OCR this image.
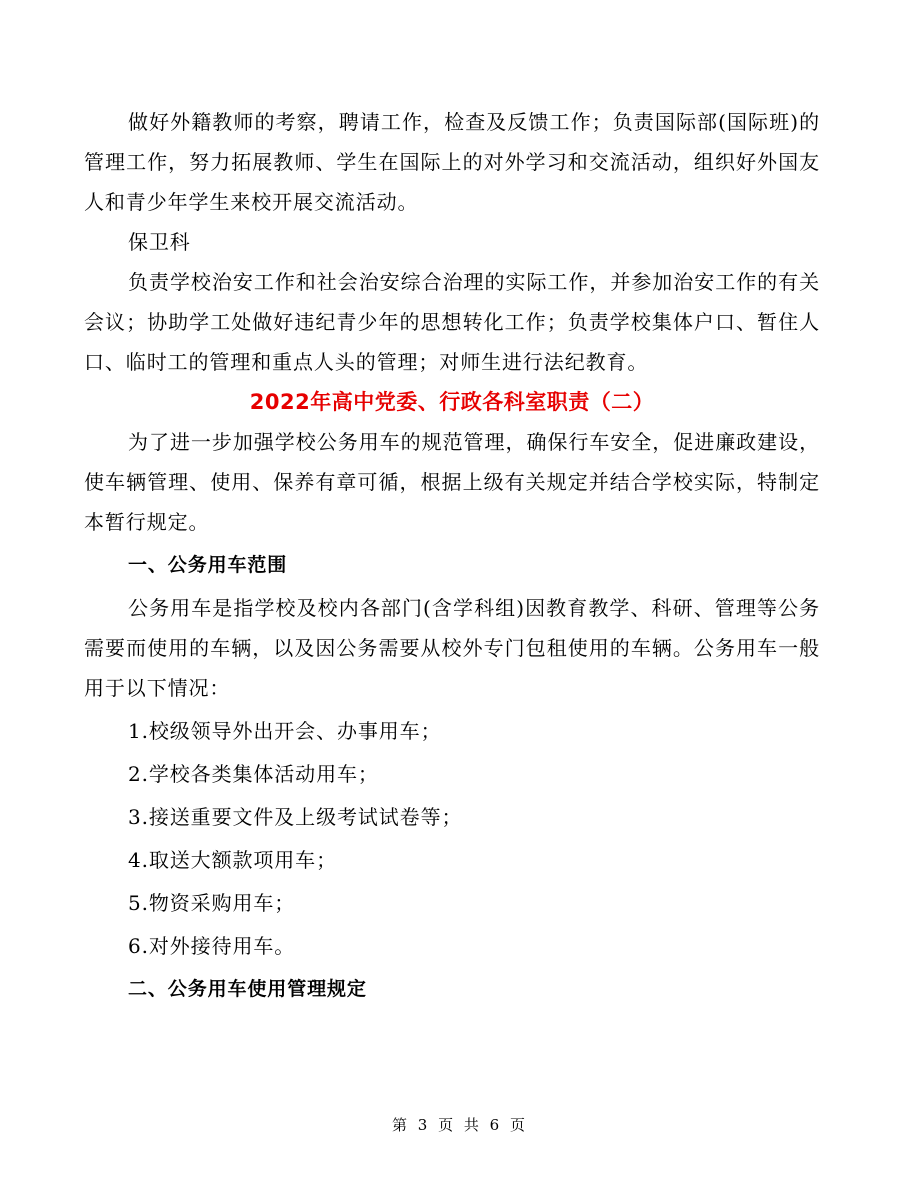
做好外籍教师的考察，聘请工作，检查及反馈工作；负责国际部(国际班)的管理工作，努力拓展教师、学生在国际上的对外学习和交流活动，组织好外国友人和青少年学生来校开展交流活动。

保卫科

负责学校治安工作和社会治安综合治理的实际工作，并参加治安工作的有关会议；协助学工处做好违纪青少年的思想转化工作；负责学校集体户口、暂住人口、临时工的管理和重点人头的管理；对师生进行法纪教育。

2022年高中党委、行政各科室职责（二）

为了进一步加强学校公务用车的规范管理，确保行车安全，促进廉政建设，使车辆管理、使用、保养有章可循，根据上级有关规定并结合学校实际，特制定本暂行规定。

一、公务用车范围

公务用车是指学校及校内各部门(含学科组)因教育教学、科研、管理等公务需要而使用的车辆，以及因公务需要从校外专门包租使用的车辆。公务用车一般用于以下情况：

1.校级领导外出开会、办事用车；

2.学校各类集体活动用车；

3.接送重要文件及上级考试试卷等；

4.取送大额款项用车；

5.物资采购用车；

6.对外接待用车。

二、公务用车使用管理规定

第 3 页 共 6 页
